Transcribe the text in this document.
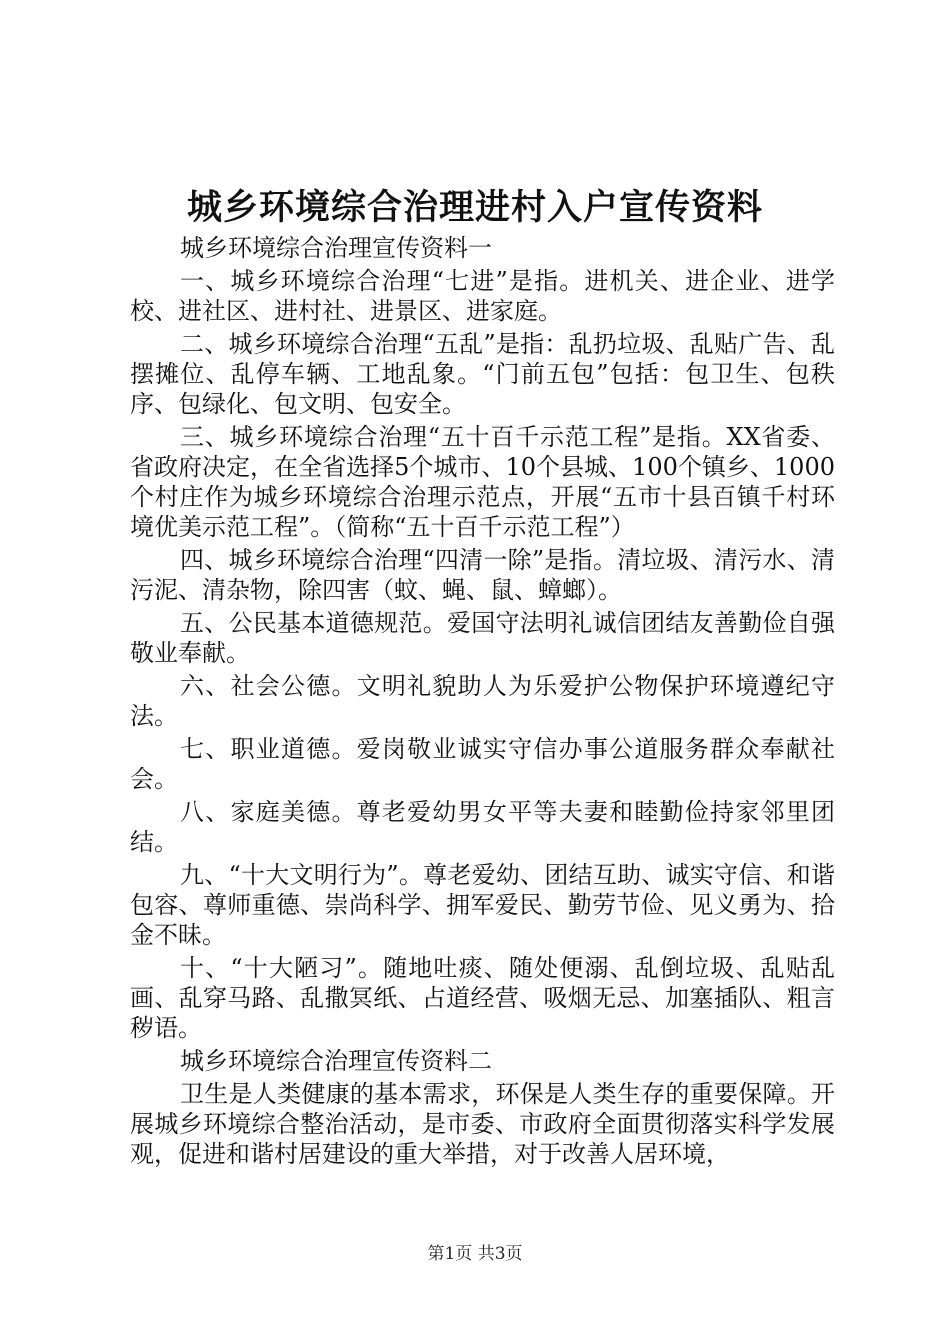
城乡环境综合治理进村入户宣传资料

城乡环境综合治理宣传资料一

一、城乡环境综合治理“七进”是指。进机关、进企业、进学校、进社区、进村社、进景区、进家庭。

二、城乡环境综合治理“五乱”是指：乱扔垃圾、乱贴广告、乱摆摊位、乱停车辆、工地乱象。“门前五包”包括：包卫生、包秩序、包绿化、包文明、包安全。

三、城乡环境综合治理“五十百千示范工程”是指。XX省委、省政府决定，在全省选择5个城市、10个县城、100个镇乡、1000个村庄作为城乡环境综合治理示范点，开展“五市十县百镇千村环境优美示范工程”。（简称“五十百千示范工程”）

四、城乡环境综合治理“四清一除”是指。清垃圾、清污水、清污泥、清杂物，除四害（蚊、蝇、鼠、蟑螂）。

五、公民基本道德规范。爱国守法明礼诚信团结友善勤俭自强敬业奉献。

六、社会公德。文明礼貌助人为乐爱护公物保护环境遵纪守法。

七、职业道德。爱岗敬业诚实守信办事公道服务群众奉献社会。

八、家庭美德。尊老爱幼男女平等夫妻和睦勤俭持家邻里团结。

九、“十大文明行为”。尊老爱幼、团结互助、诚实守信、和谐包容、尊师重德、崇尚科学、拥军爱民、勤劳节俭、见义勇为、拾金不昧。

十、“十大陋习”。随地吐痰、随处便溺、乱倒垃圾、乱贴乱画、乱穿马路、乱撒冥纸、占道经营、吸烟无忌、加塞插队、粗言秽语。

城乡环境综合治理宣传资料二

卫生是人类健康的基本需求，环保是人类生存的重要保障。开展城乡环境综合整治活动，是市委、市政府全面贯彻落实科学发展观，促进和谐村居建设的重大举措，对于改善人居环境，

第1页 共3页
